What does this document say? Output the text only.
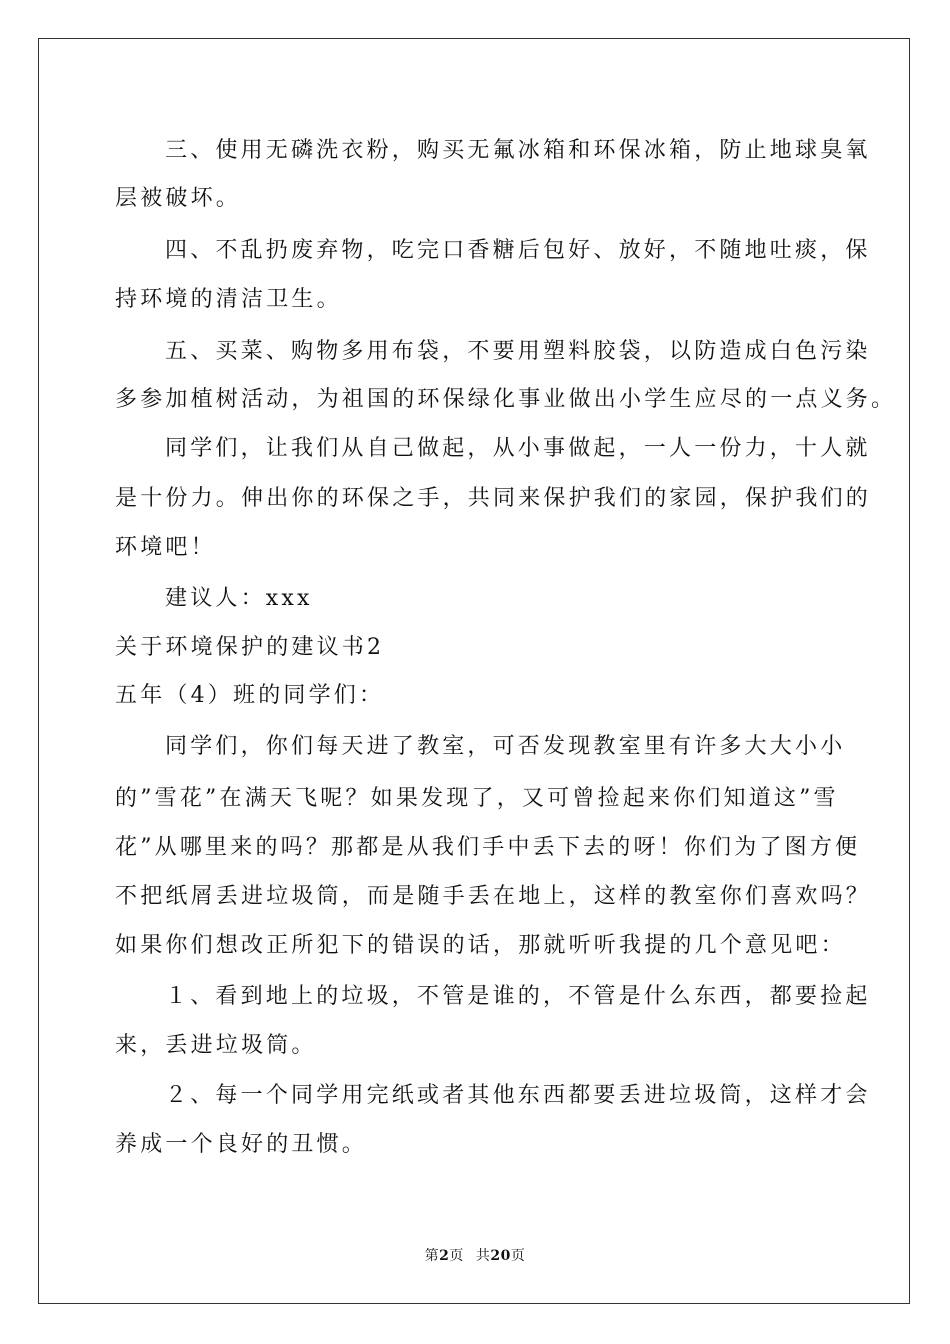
三、使用无磷洗衣粉，购买无氟冰箱和环保冰箱，防止地球臭氧
层被破坏。
四、不乱扔废弃物，吃完口香糖后包好、放好，不随地吐痰，保
持环境的清洁卫生。
五、买菜、购物多用布袋，不要用塑料胶袋，以防造成白色污染
多参加植树活动，为祖国的环保绿化事业做出小学生应尽的一点义务。
同学们，让我们从自己做起，从小事做起，一人一份力，十人就
是十份力。伸出你的环保之手，共同来保护我们的家园，保护我们的
环境吧！
建议人：xxx
关于环境保护的建议书2
五年（4）班的同学们：
同学们，你们每天进了教室，可否发现教室里有许多大大小小
的”雪花”在满天飞呢？如果发现了，又可曾捡起来你们知道这”雪
花”从哪里来的吗？那都是从我们手中丢下去的呀！你们为了图方便
不把纸屑丢进垃圾筒，而是随手丢在地上，这样的教室你们喜欢吗？
如果你们想改正所犯下的错误的话，那就听听我提的几个意见吧：
１、看到地上的垃圾，不管是谁的，不管是什么东西，都要捡起
来，丢进垃圾筒。
２、每一个同学用完纸或者其他东西都要丢进垃圾筒，这样才会
养成一个良好的丑惯。
第2页 共20页
